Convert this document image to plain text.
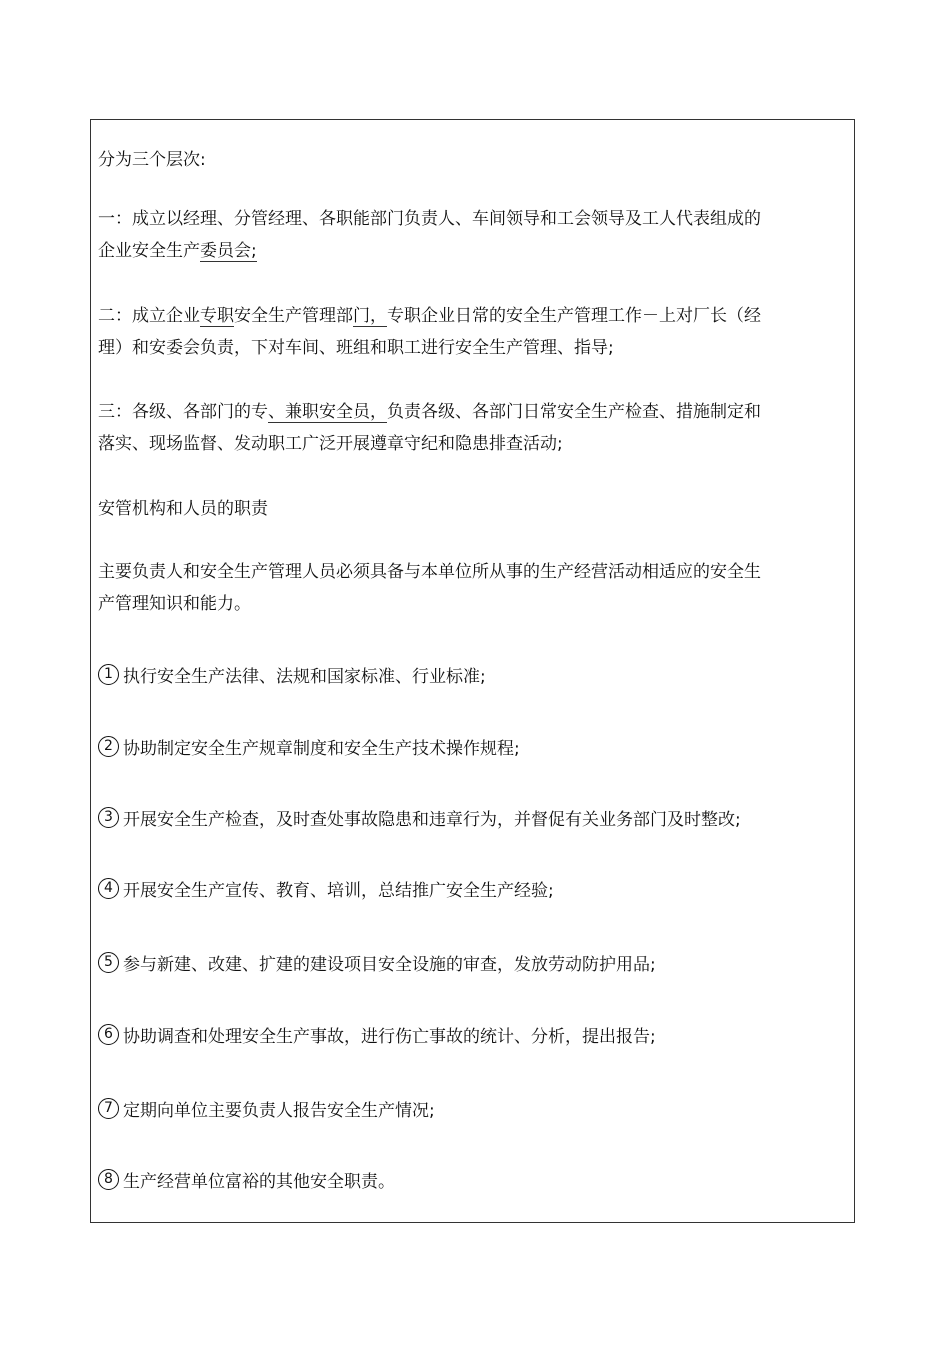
分为三个层次:
一：成立以经理、分管经理、各职能部门负责人、车间领导和工会领导及工人代表组成的
企业安全生产委员会;
二：成立企业专职安全生产管理部门，专职企业日常的安全生产管理工作－上对厂长（经
理）和安委会负责，下对车间、班组和职工进行安全生产管理、指导;
三：各级、各部门的专、兼职安全员，负责各级、各部门日常安全生产检查、措施制定和
落实、现场监督、发动职工广泛开展遵章守纪和隐患排查活动;
安管机构和人员的职责
主要负责人和安全生产管理人员必须具备与本单位所从事的生产经营活动相适应的安全生
产管理知识和能力。
1 执行安全生产法律、法规和国家标准、行业标准;
2 协助制定安全生产规章制度和安全生产技术操作规程;
3 开展安全生产检查，及时查处事故隐患和违章行为，并督促有关业务部门及时整改;
4 开展安全生产宣传、教育、培训，总结推广安全生产经验;
5 参与新建、改建、扩建的建设项目安全设施的审查，发放劳动防护用品;
6 协助调查和处理安全生产事故，进行伤亡事故的统计、分析，提出报告;
7 定期向单位主要负责人报告安全生产情况;
8 生产经营单位富裕的其他安全职责。
